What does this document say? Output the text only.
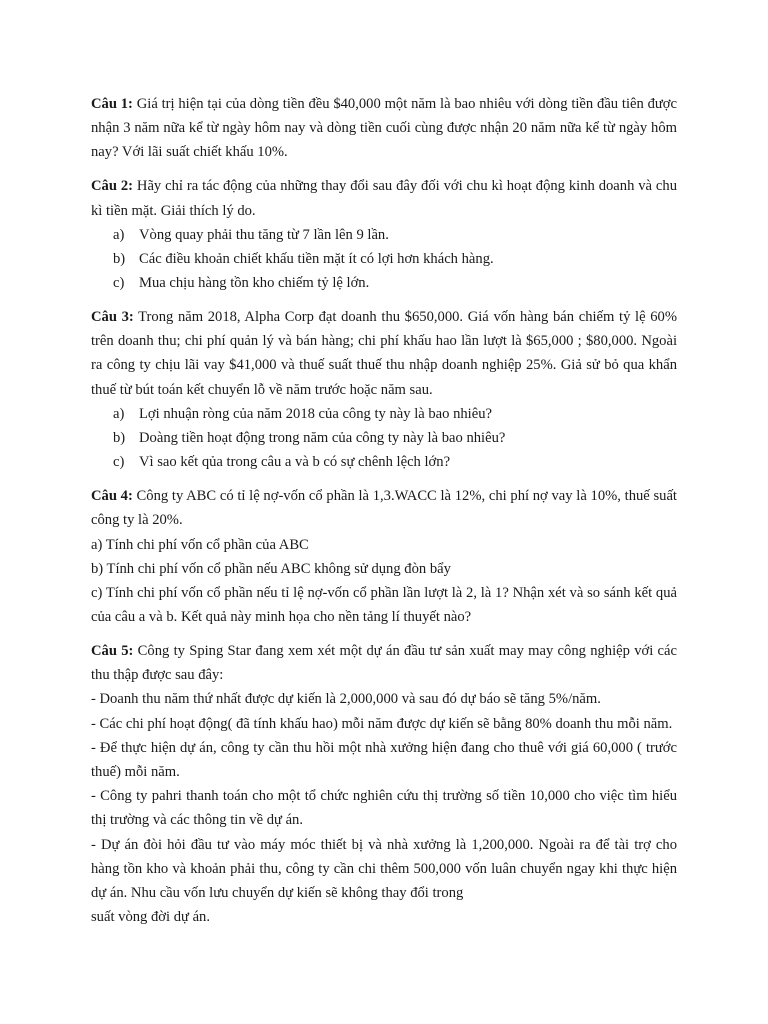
Câu 1: Giá trị hiện tại của dòng tiền đều $40,000 một năm là bao nhiêu với dòng tiền đầu tiên được nhận 3 năm nữa kể từ ngày hôm nay và dòng tiền cuối cùng được nhận 20 năm nữa kể từ ngày hôm nay? Với lãi suất chiết khấu 10%.

Câu 2: Hãy chỉ ra tác động của những thay đổi sau đây đối với chu kì hoạt động kinh doanh và chu kì tiền mặt. Giải thích lý do.

a) Vòng quay phải thu tăng từ 7 lần lên 9 lần.
b) Các điều khoản chiết khấu tiền mặt ít có lợi hơn khách hàng.
c) Mua chịu hàng tồn kho chiếm tỷ lệ lớn.

Câu 3: Trong năm 2018, Alpha Corp đạt doanh thu $650,000. Giá vốn hàng bán chiếm tỷ lệ 60% trên doanh thu; chi phí quản lý và bán hàng; chi phí khấu hao lần lượt là $65,000 ; $80,000. Ngoài ra công ty chịu lãi vay $41,000 và thuế suất thuế thu nhập doanh nghiệp 25%. Giả sử bỏ qua khẩn thuế từ bút toán kết chuyển lỗ về năm trước hoặc năm sau.

a) Lợi nhuận ròng của năm 2018 của công ty này là bao nhiêu?
b) Doàng tiền hoạt động trong năm của công ty này là bao nhiêu?
c) Vì sao kết qủa trong câu a và b có sự chênh lệch lớn?

Câu 4: Công ty ABC có tỉ lệ nợ-vốn cổ phần là 1,3.WACC là 12%, chi phí nợ vay là 10%, thuế suất công ty là 20%.

a) Tính chi phí vốn cổ phần của ABC

b) Tính chi phí vốn cổ phần nếu ABC không sử dụng đòn bẩy

c) Tính chi phí vốn cổ phần nếu tỉ lệ nợ-vốn cổ phần lần lượt là 2, là 1? Nhận xét và so sánh kết quả của câu a và b. Kết quả này minh họa cho nền tảng lí thuyết nào?

Câu 5: Công ty Sping Star đang xem xét một dự án đầu tư sản xuất may may công nghiệp với các thu thập được sau đây:

- Doanh thu năm thứ nhất được dự kiến là 2,000,000 và sau đó dự báo sẽ tăng 5%/năm.

- Các chi phí hoạt động( đã tính khấu hao) mỗi năm được dự kiến sẽ bằng 80% doanh thu mỗi năm.

- Để thực hiện dự án, công ty cần thu hồi một nhà xưởng hiện đang cho thuê với giá 60,000 ( trước thuế) mỗi năm.

- Công ty pahri thanh toán cho một tổ chức nghiên cứu thị trường số tiền 10,000 cho việc tìm hiểu thị trường và các thông tin về dự án.

- Dự án đòi hỏi đầu tư vào máy móc thiết bị và nhà xưởng là 1,200,000. Ngoài ra để tài trợ cho hàng tồn kho và khoản phải thu, công ty cần chi thêm 500,000 vốn luân chuyển ngay khi thực hiện dự án. Nhu cầu vốn lưu chuyển dự kiến sẽ không thay đổi trong

suất vòng đời dự án.
